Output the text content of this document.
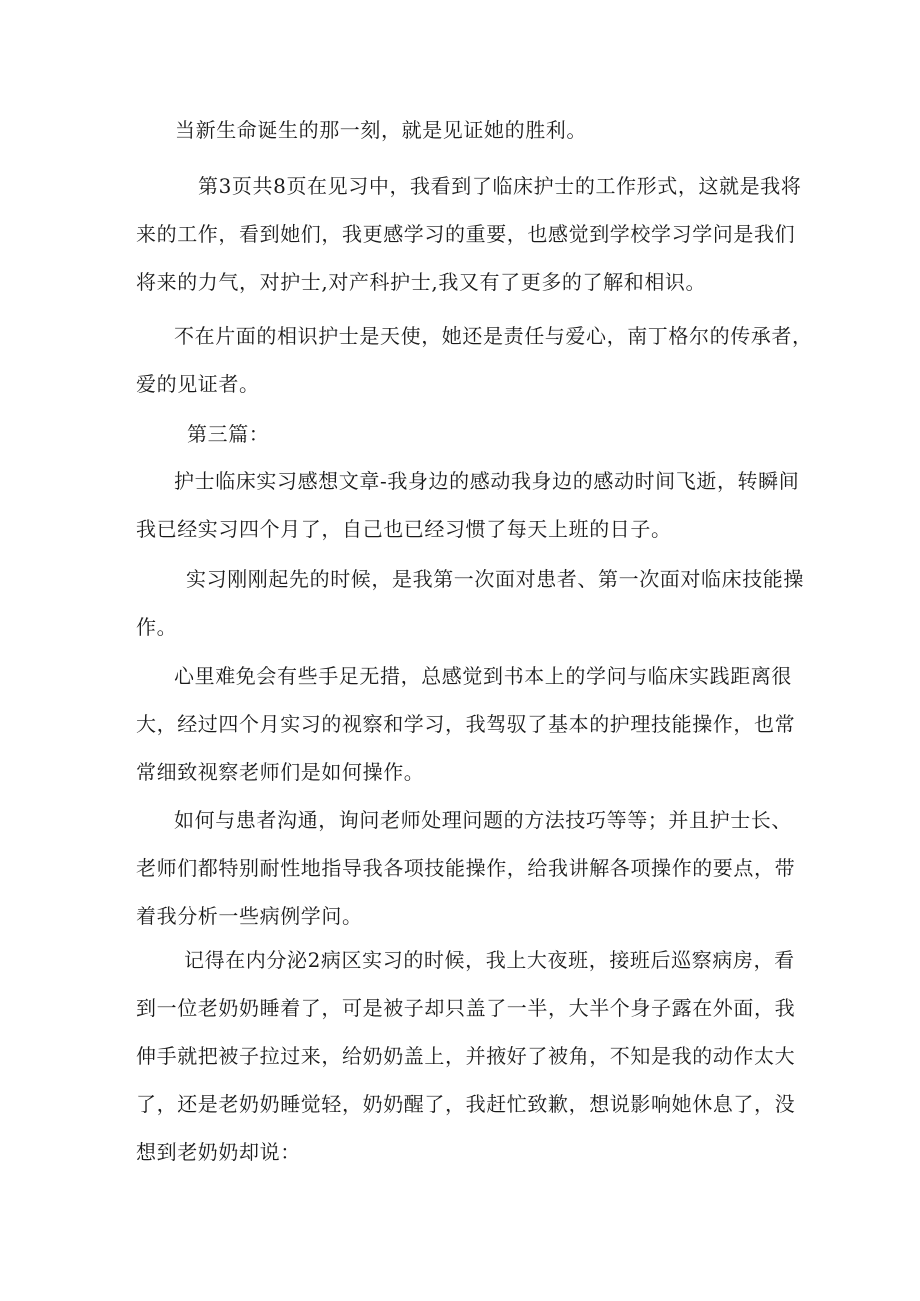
当新生命诞生的那一刻，就是见证她的胜利。
第3页共8页在见习中，我看到了临床护士的工作形式，这就是我将
来的工作，看到她们，我更感学习的重要，也感觉到学校学习学问是我们
将来的力气，对护士,对产科护士,我又有了更多的了解和相识。
不在片面的相识护士是天使，她还是责任与爱心，南丁格尔的传承者，
爱的见证者。
第三篇：
护士临床实习感想文章-我身边的感动我身边的感动时间飞逝，转瞬间
我已经实习四个月了，自己也已经习惯了每天上班的日子。
实习刚刚起先的时候，是我第一次面对患者、第一次面对临床技能操
作。
心里难免会有些手足无措，总感觉到书本上的学问与临床实践距离很
大，经过四个月实习的视察和学习，我驾驭了基本的护理技能操作，也常
常细致视察老师们是如何操作。
如何与患者沟通，询问老师处理问题的方法技巧等等；并且护士长、
老师们都特别耐性地指导我各项技能操作，给我讲解各项操作的要点，带
着我分析一些病例学问。
记得在内分泌2病区实习的时候，我上大夜班，接班后巡察病房，看
到一位老奶奶睡着了，可是被子却只盖了一半，大半个身子露在外面，我
伸手就把被子拉过来，给奶奶盖上，并掖好了被角，不知是我的动作太大
了，还是老奶奶睡觉轻，奶奶醒了，我赶忙致歉，想说影响她休息了，没
想到老奶奶却说：
